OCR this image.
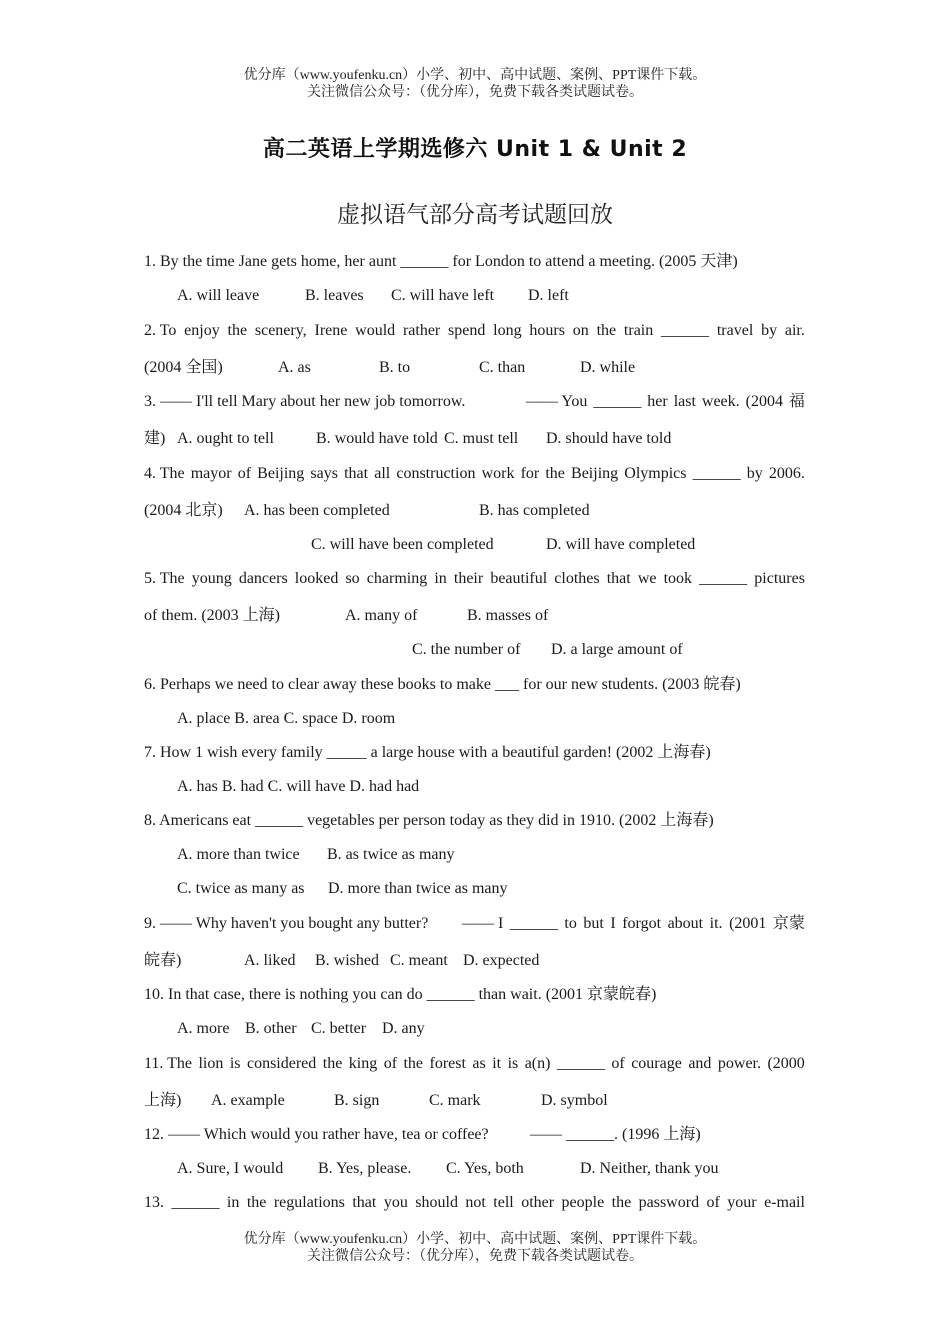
优分库（www.youfenku.cn）小学、初中、高中试题、案例、PPT课件下载。
关注微信公众号：（优分库），免费下载各类试题试卷。
高二英语上学期选修六 Unit 1 & Unit 2
虚拟语气部分高考试题回放
1. By the time Jane gets home, her aunt ______ for London to attend a meeting. (2005 天津)
A. will leave	B. leaves C. will have left D. left
2. To enjoy the scenery, Irene would rather spend long hours on the train ______ travel by air.
(2004 全国)	A. as	B. to	C. than	D. while
3. —— I'll tell Mary about her new job tomorrow.	—— You ______ her last week. (2004 福
建) A. ought to tell	B. would have told C. must tell D. should have told
4. The mayor of Beijing says that all construction work for the Beijing Olympics ______ by 2006.
(2004 北京) A. has been completed	B. has completed
C. will have been completed	D. will have completed
5. The young dancers looked so charming in their beautiful clothes that we took ______ pictures
of them. (2003 上海)	A. many of	B. masses of
C. the number of D. a large amount of
6. Perhaps we need to clear away these books to make ___ for our new students. (2003 皖春)
A. place B. area C. space D. room
7. How 1 wish every family _____ a large house with a beautiful garden! (2002 上海春)
A. has B. had C. will have D. had had
8. Americans eat ______ vegetables per person today as they did in 1910. (2002 上海春)
A. more than twice B. as twice as many
C. twice as many as D. more than twice as many
9. —— Why haven't you bought any butter? —— I ______ to but I forgot about it. (2001 京蒙
皖春)	A. liked B. wished C. meant D. expected
10. In that case, there is nothing you can do ______ than wait. (2001 京蒙皖春)
A. more B. other C. better D. any
11. The lion is considered the king of the forest as it is a(n) ______ of courage and power. (2000
上海) A. example	B. sign	C. mark	D. symbol
12. —— Which would you rather have, tea or coffee?	—— ______. (1996 上海)
A. Sure, I would B. Yes, please. C. Yes, both	D. Neither, thank you
13. ______ in the regulations that you should not tell other people the password of your e-mail
优分库（www.youfenku.cn）小学、初中、高中试题、案例、PPT课件下载。
关注微信公众号：（优分库），免费下载各类试题试卷。
